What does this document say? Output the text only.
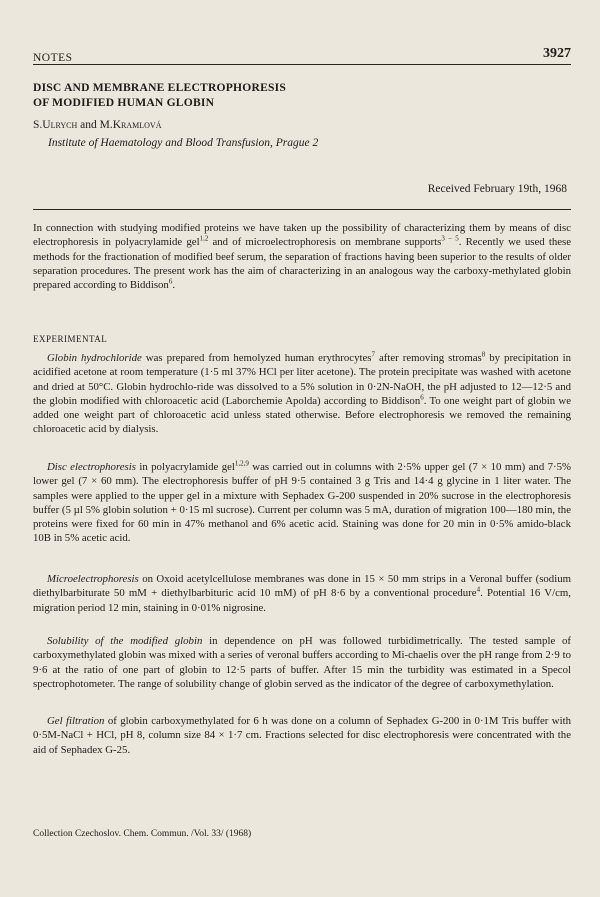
NOTES	3927
DISC AND MEMBRANE ELECTROPHORESIS
OF MODIFIED HUMAN GLOBIN
S.Ulrych and M.Kramlová
Institute of Haematology and Blood Transfusion, Prague 2
Received February 19th, 1968

In connection with studying modified proteins we have taken up the possibility of characterizing them by means of disc electrophoresis in polyacrylamide gel$^{1,2}$ and of microelectrophoresis on membrane supports$^{3 - 5}$. Recently we used these methods for the fractionation of modified beef serum, the separation of fractions having been superior to the results of older separation procedures. The present work has the aim of characterizing in an analogous way the carboxy-methylated globin prepared according to Biddison$^6$.

EXPERIMENTAL

Globin hydrochloride was prepared from hemolyzed human erythrocytes$^7$ after removing stromas$^8$ by precipitation in acidified acetone at room temperature (1·5 ml 37% HCl per liter acetone). The protein precipitate was washed with acetone and dried at 50°C. Globin hydrochlo-ride was dissolved to a 5% solution in 0·2N-NaOH, the pH adjusted to 12—12·5 and the globin modified with chloroacetic acid (Laborchemie Apolda) according to Biddison$^6$. To one weight part of globin we added one weight part of chloroacetic acid unless stated otherwise. Before electrophoresis we removed the remaining chloroacetic acid by dialysis.

Disc electrophoresis in polyacrylamide gel$^{1,2,9}$ was carried out in columns with 2·5% upper gel (7 × 10 mm) and 7·5% lower gel (7 × 60 mm). The electrophoresis buffer of pH 9·5 contained 3 g Tris and 14·4 g glycine in 1 liter water. The samples were applied to the upper gel in a mixture with Sephadex G-200 suspended in 20% sucrose in the electrophoresis buffer (5 µl 5% globin solution + 0·15 ml sucrose). Current per column was 5 mA, duration of migration 100—180 min, the proteins were fixed for 60 min in 47% methanol and 6% acetic acid. Staining was done for 20 min in 0·5% amido-black 10B in 5% acetic acid.

Microelectrophoresis on Oxoid acetylcellulose membranes was done in 15 × 50 mm strips in a Veronal buffer (sodium diethylbarbiturate 50 mM + diethylbarbituric acid 10 mM) of pH 8·6 by a conventional procedure$^4$. Potential 16 V/cm, migration period 12 min, staining in 0·01% nigrosine.

Solubility of the modified globin in dependence on pH was followed turbidimetrically. The tested sample of carboxymethylated globin was mixed with a series of veronal buffers according to Mi-chaelis over the pH range from 2·9 to 9·6 at the ratio of one part of globin to 12·5 parts of buffer. After 15 min the turbidity was estimated in a Specol spectrophotometer. The range of solubility change of globin served as the indicator of the degree of carboxymethylation.

Gel filtration of globin carboxymethylated for 6 h was done on a column of Sephadex G-200 in 0·1M Tris buffer with 0·5M-NaCl + HCl, pH 8, column size 84 × 1·7 cm. Fractions selected for disc electrophoresis were concentrated with the aid of Sephadex G-25.

Collection Czechoslov. Chem. Commun. /Vol. 33/ (1968)
